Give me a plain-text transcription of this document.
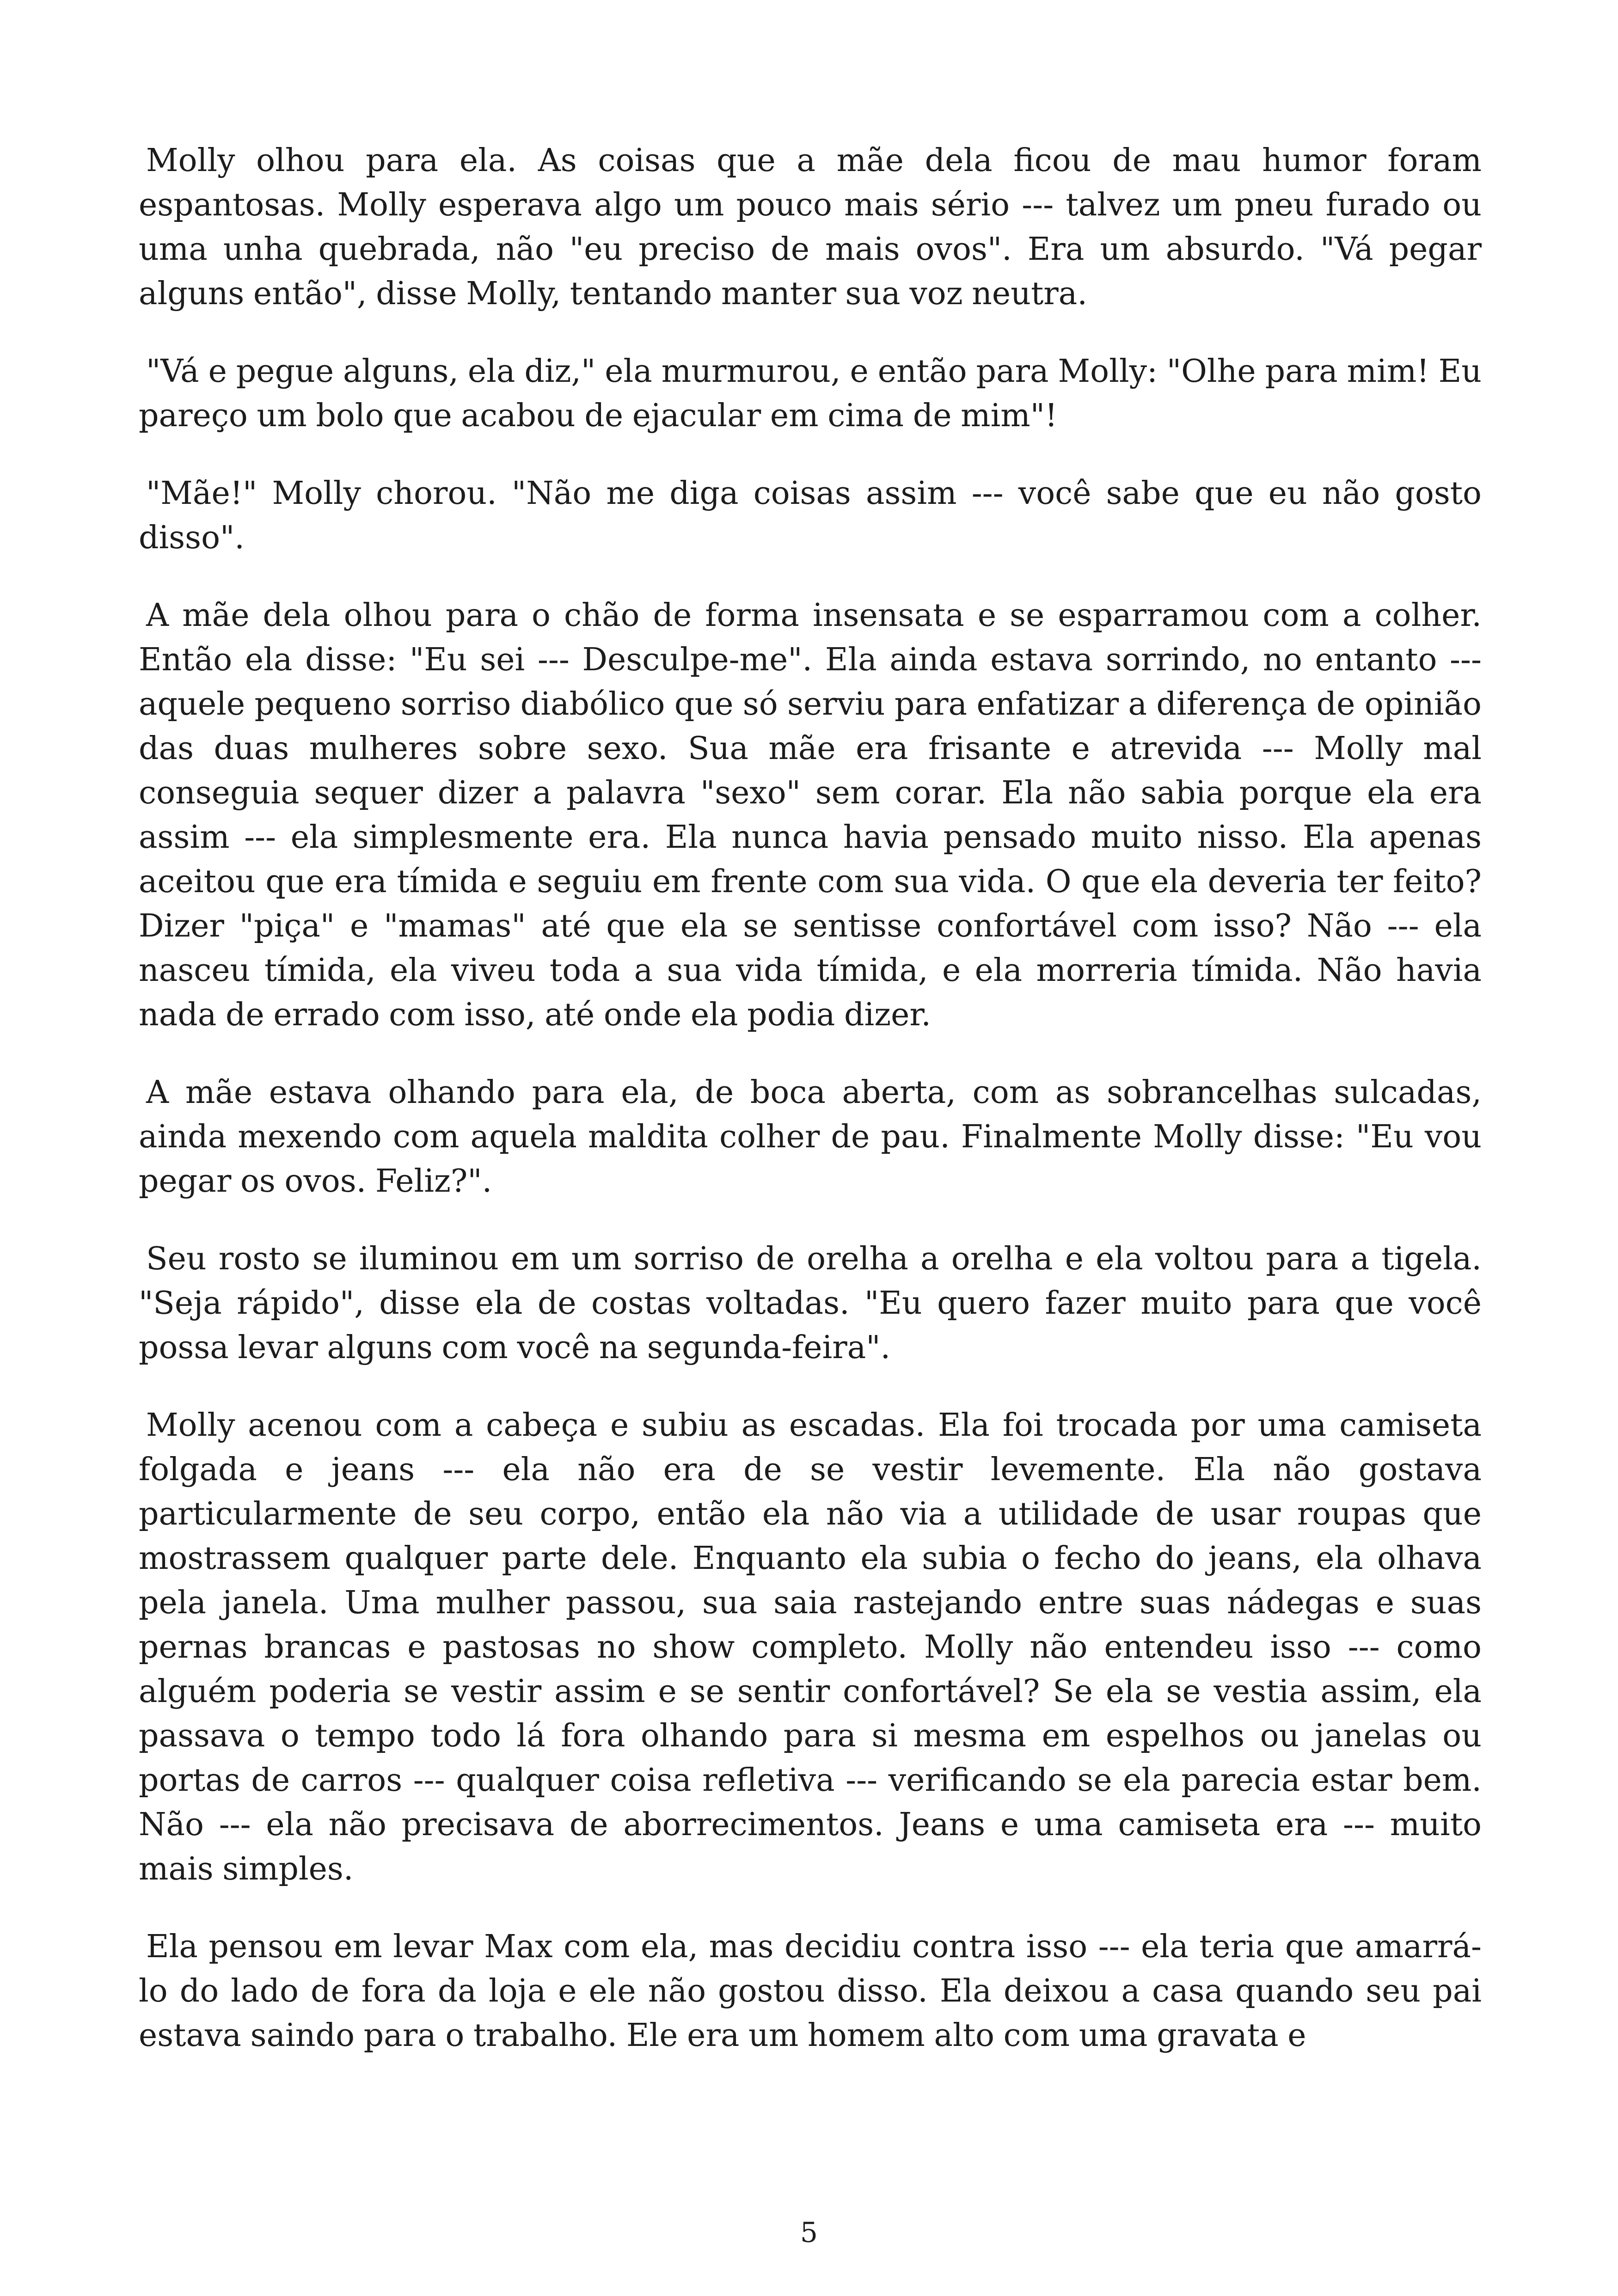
Molly olhou para ela. As coisas que a mãe dela ficou de mau humor foram espantosas. Molly esperava algo um pouco mais sério --- talvez um pneu furado ou uma unha quebrada, não "eu preciso de mais ovos". Era um absurdo. "Vá pegar alguns então", disse Molly, tentando manter sua voz neutra.

"Vá e pegue alguns, ela diz," ela murmurou, e então para Molly: "Olhe para mim! Eu pareço um bolo que acabou de ejacular em cima de mim"!

"Mãe!" Molly chorou. "Não me diga coisas assim --- você sabe que eu não gosto disso".

A mãe dela olhou para o chão de forma insensata e se esparramou com a colher. Então ela disse: "Eu sei --- Desculpe-me". Ela ainda estava sorrindo, no entanto --- aquele pequeno sorriso diabólico que só serviu para enfatizar a diferença de opinião das duas mulheres sobre sexo. Sua mãe era frisante e atrevida --- Molly mal conseguia sequer dizer a palavra "sexo" sem corar. Ela não sabia porque ela era assim --- ela simplesmente era. Ela nunca havia pensado muito nisso. Ela apenas aceitou que era tímida e seguiu em frente com sua vida. O que ela deveria ter feito? Dizer "piça" e "mamas" até que ela se sentisse confortável com isso? Não --- ela nasceu tímida, ela viveu toda a sua vida tímida, e ela morreria tímida. Não havia nada de errado com isso, até onde ela podia dizer.

A mãe estava olhando para ela, de boca aberta, com as sobrancelhas sulcadas, ainda mexendo com aquela maldita colher de pau. Finalmente Molly disse: "Eu vou pegar os ovos. Feliz?".

Seu rosto se iluminou em um sorriso de orelha a orelha e ela voltou para a tigela. "Seja rápido", disse ela de costas voltadas. "Eu quero fazer muito para que você possa levar alguns com você na segunda-feira".

Molly acenou com a cabeça e subiu as escadas. Ela foi trocada por uma camiseta folgada e jeans --- ela não era de se vestir levemente. Ela não gostava particularmente de seu corpo, então ela não via a utilidade de usar roupas que mostrassem qualquer parte dele. Enquanto ela subia o fecho do jeans, ela olhava pela janela. Uma mulher passou, sua saia rastejando entre suas nádegas e suas pernas brancas e pastosas no show completo. Molly não entendeu isso --- como alguém poderia se vestir assim e se sentir confortável? Se ela se vestia assim, ela passava o tempo todo lá fora olhando para si mesma em espelhos ou janelas ou portas de carros --- qualquer coisa refletiva --- verificando se ela parecia estar bem. Não --- ela não precisava de aborrecimentos. Jeans e uma camiseta era --- muito mais simples.

Ela pensou em levar Max com ela, mas decidiu contra isso --- ela teria que amarrá-lo do lado de fora da loja e ele não gostou disso. Ela deixou a casa quando seu pai estava saindo para o trabalho. Ele era um homem alto com uma gravata e

5
